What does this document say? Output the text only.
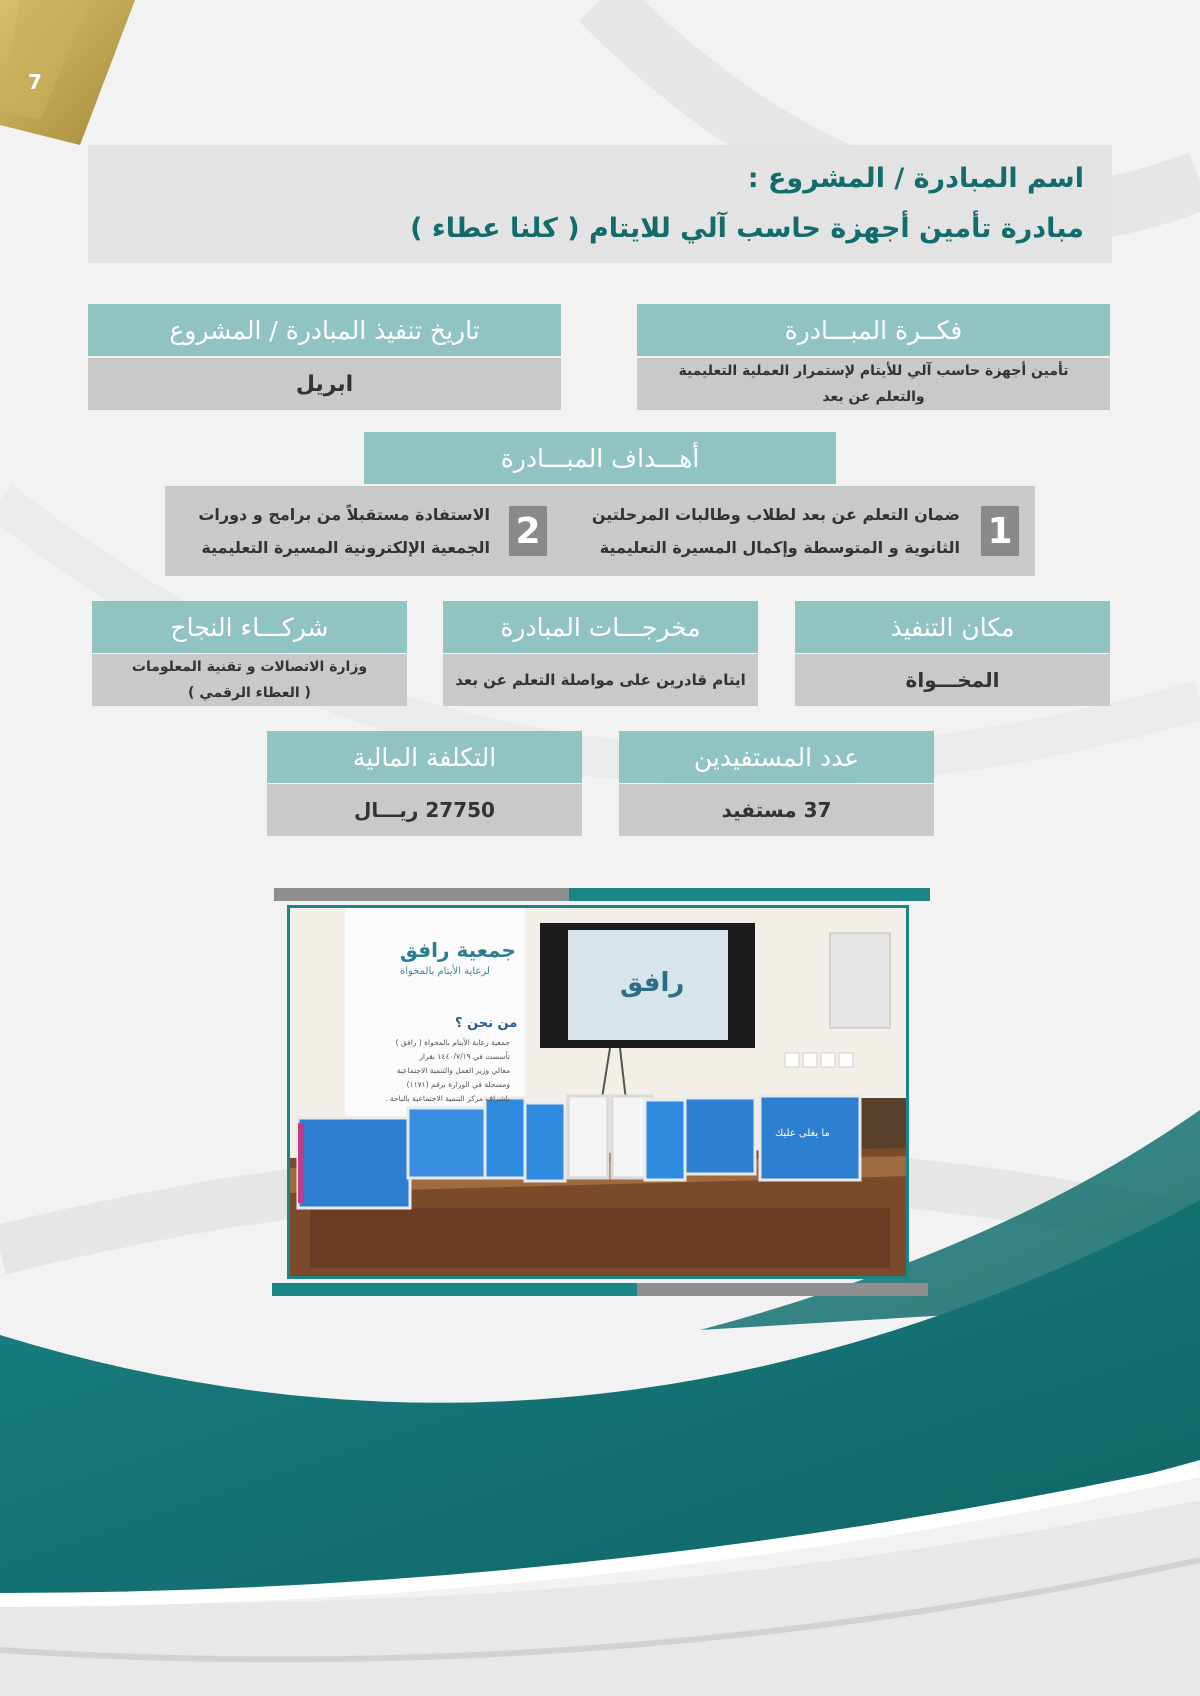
7
اسم المبادرة / المشروع :
مبادرة تأمين أجهزة حاسب آلي للايتام ( كلنا عطاء )
فكــرة المبـــادرة
تأمين أجهزة حاسب آلي للأيتام لإستمرار العملية التعليمية
والتعلم عن بعد
تاريخ تنفيذ المبادرة / المشروع
ابريل
أهـــداف المبـــادرة
1
ضمان التعلم عن بعد لطلاب وطالبات المرحلتين
الثانوية و المتوسطة وإكمال المسيرة التعليمية
2
الاستفادة مستقبلاً من برامج و دورات
الجمعية الإلكترونية المسيرة التعليمية
مكان التنفيذ
المخـــواة
مخرجـــات المبادرة
ايتام قادرين على مواصلة التعلم عن بعد
شركـــاء النجاح
وزارة الاتصالات و تقنية المعلومات
( العطاء الرقمي )
عدد المستفيدين
37 مستفيد
التكلفة المالية
27750 ريـــال
جمعية رافق
لرعاية الأيتام بالمخواة	رافق
من نحن ؟
جمعية رعاية الأيتام بالمخواة ( رافق )
تأسست في ١٤٤٠/٧/١٩ بقرار
معالي وزير العمل والتنمية الاجتماعية
ومسجلة في الوزارة برقم (١١٧١)
بإشراف مركز التنمية الاجتماعية بالباحة .
ما يغلى عليك
